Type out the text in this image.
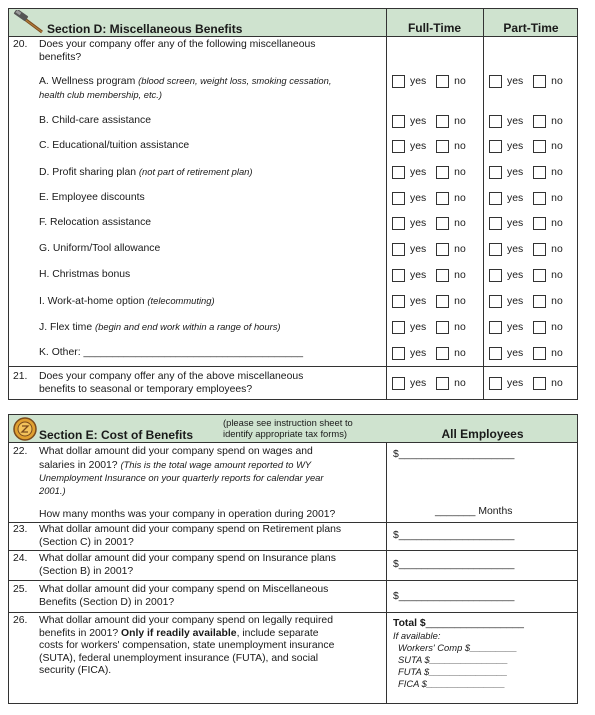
Section D: Miscellaneous Benefits	Full-Time	Part-Time
20. Does your company offer any of the following miscellaneous
benefits?
A. Wellness program (blood screen, weight loss, smoking cessation,
health club membership, etc.)
yes	no	yes	no
B. Child-care assistance	yes	no	yes	no
C. Educational/tuition assistance	yes	no	yes	no
D. Profit sharing plan (not part of retirement plan)	yes	no	yes	no
E. Employee discounts	yes	no	yes	no
F. Relocation assistance	yes	no	yes	no
G. Uniform/Tool allowance	yes	no	yes	no
H. Christmas bonus	yes	no	yes	no
I. Work-at-home option (telecommuting)	yes	no	yes	no
J. Flex time (begin and end work within a range of hours)	yes	no	yes	no
K. Other: ______________________________________	yes	no	yes	no
21. Does your company offer any of the above miscellaneous
benefits to seasonal or temporary employees?	yes	no	yes	no
Section E: Cost of Benefits
(please see instruction sheet to
identify appropriate tax forms)	All Employees
22. What dollar amount did your company spend on wages and
salaries in 2001? (This is the total wage amount reported to WY
Unemployment Insurance on your quarterly reports for calendar year
2001.)
How many months was your company in operation during 2001?
$____________________
_______ Months
23. What dollar amount did your company spend on Retirement plans
(Section C) in 2001?
$____________________
24. What dollar amount did your company spend on Insurance plans
(Section B) in 2001?
$____________________
25. What dollar amount did your company spend on Miscellaneous
Benefits (Section D) in 2001?	$____________________
26. What dollar amount did your company spend on legally required
benefits in 2001? Only if readily available, include separate
costs for workers' compensation, state unemployment insurance
(SUTA), federal unemployment insurance (FUTA), and social
security (FICA).
Total $_________________
If available:
Workers' Comp $_________
SUTA $_______________
FUTA $_______________
FICA $_______________
